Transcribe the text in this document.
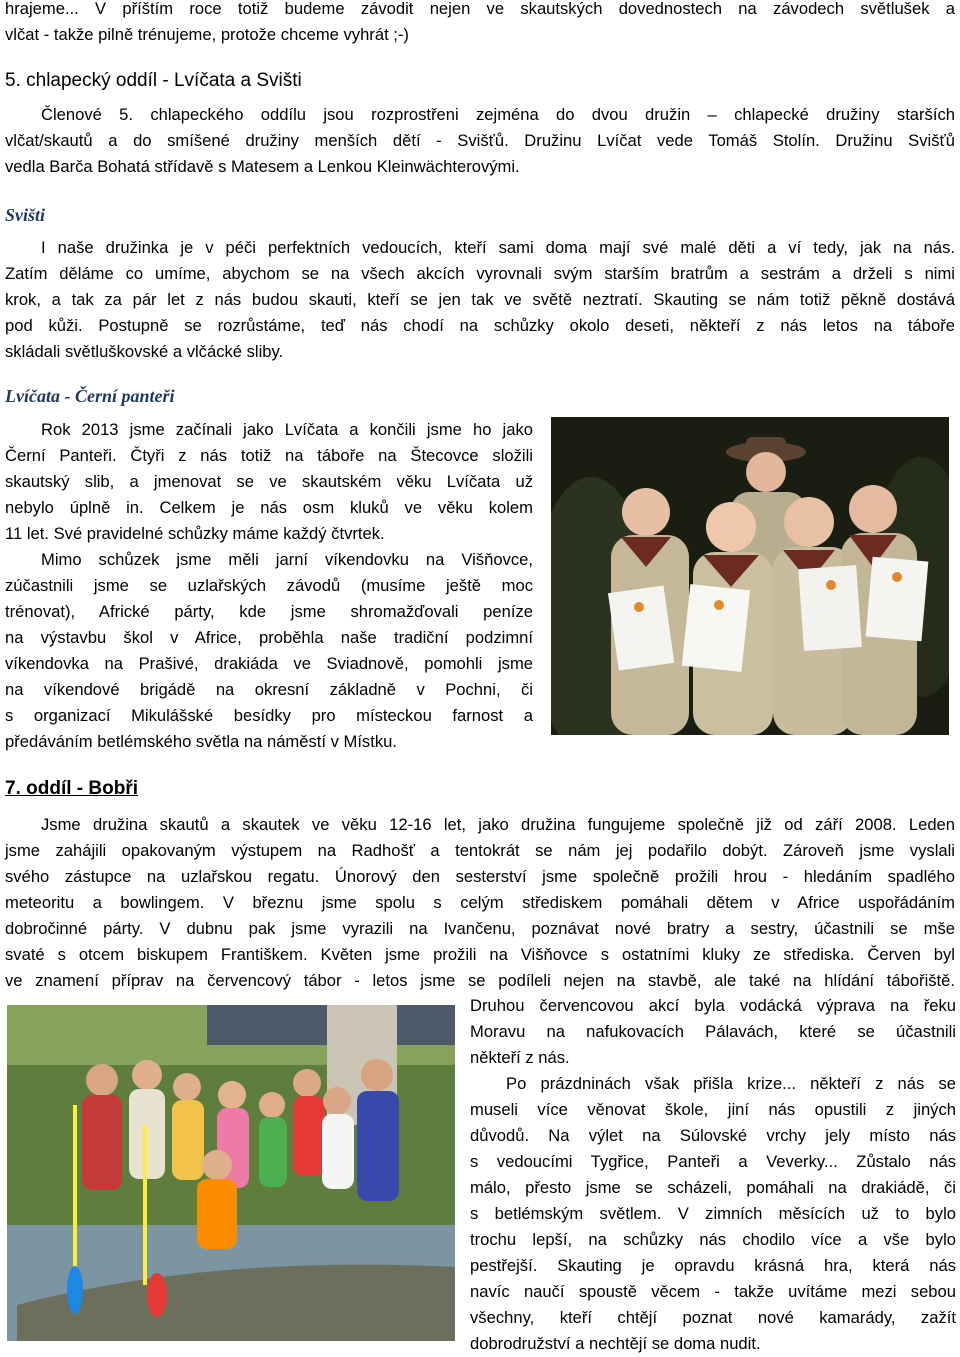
hrajeme... V příštím roce totiž budeme závodit nejen ve skautských dovednostech na závodech světlušek a
vlčat - takže pilně trénujeme, protože chceme vyhrát ;-)

5. chlapecký oddíl - Lvíčata a Svišti

Členové 5. chlapeckého oddílu jsou rozprostřeni zejména do dvou družin – chlapecké družiny starších
vlčat/skautů a do smíšené družiny menších dětí - Svišťů. Družinu Lvíčat vede Tomáš Stolín. Družinu Svišťů
vedla Barča Bohatá střídavě s Matesem a Lenkou Kleinwächterovými.

Svišti

I naše družinka je v péči perfektních vedoucích, kteří sami doma mají své malé děti a ví tedy, jak na nás.
Zatím děláme co umíme, abychom se na všech akcích vyrovnali svým starším bratrům a sestrám a drželi s nimi
krok, a tak za pár let z nás budou skauti, kteří se jen tak ve světě neztratí. Skauting se nám totiž pěkně dostává
pod kůži. Postupně se rozrůstáme, teď nás chodí na schůzky okolo deseti, někteří z nás letos na táboře
skládali světluškovské a vlčácké sliby.

Lvíčata - Černí panteři

Rok 2013 jsme začínali jako Lvíčata a končili jsme ho jako
Černí Panteři. Čtyři z nás totiž na táboře na Štecovce složili
skautský slib, a jmenovat se ve skautském věku Lvíčata už
nebylo úplně in. Celkem je nás osm kluků ve věku kolem
11 let. Své pravidelné schůzky máme každý čtvrtek.
Mimo schůzek jsme měli jarní víkendovku na Višňovce,
zúčastnili jsme se uzlařských závodů (musíme ještě moc
trénovat), Africké párty, kde jsme shromažďovali peníze
na výstavbu škol v Africe, proběhla naše tradiční podzimní
víkendovka na Prašivé, drakiáda ve Sviadnově, pomohli jsme
na víkendové brigádě na okresní základně v Pochni, či
s organizací Mikulášské besídky pro místeckou farnost a
předáváním betlémského světla na náměstí v Místku.

7. oddíl - Bobři

Jsme družina skautů a skautek ve věku 12-16 let, jako družina fungujeme společně již od září 2008. Leden
jsme zahájili opakovaným výstupem na Radhošť a tentokrát se nám jej podařilo dobýt. Zároveň jsme vyslali
svého zástupce na uzlařskou regatu. Únorový den sesterství jsme společně prožili hrou - hledáním spadlého
meteoritu a bowlingem. V březnu jsme spolu s celým střediskem pomáhali dětem v Africe uspořádáním
dobročinné párty. V dubnu pak jsme vyrazili na Ivančenu, poznávat nové bratry a sestry, účastnili se mše
svaté s otcem biskupem Františkem. Květen jsme prožili na Višňovce s ostatními kluky ze střediska. Červen byl
ve znamení příprav na červencový tábor - letos jsme se podíleli nejen na stavbě, ale také na hlídání tábořiště.

Druhou červencovou akcí byla vodácká výprava na řeku
Moravu na nafukovacích Pálavách, které se účastnili
někteří z nás.
Po prázdninách však přišla krize... někteří z nás se
museli více věnovat škole, jiní nás opustili z jiných
důvodů. Na výlet na Súlovské vrchy jely místo nás
s vedoucími Tygřice, Panteři a Veverky... Zůstalo nás
málo, přesto jsme se scházeli, pomáhali na drakiádě, či
s betlémským světlem. V zimních měsících už to bylo
trochu lepší, na schůzky nás chodilo více a vše bylo
pestřejší. Skauting je opravdu krásná hra, která nás
navíc naučí spoustě věcem - takže uvítáme mezi sebou
všechny, kteří chtějí poznat nové kamarády, zažít
dobrodružství a nechtějí se doma nudit.
